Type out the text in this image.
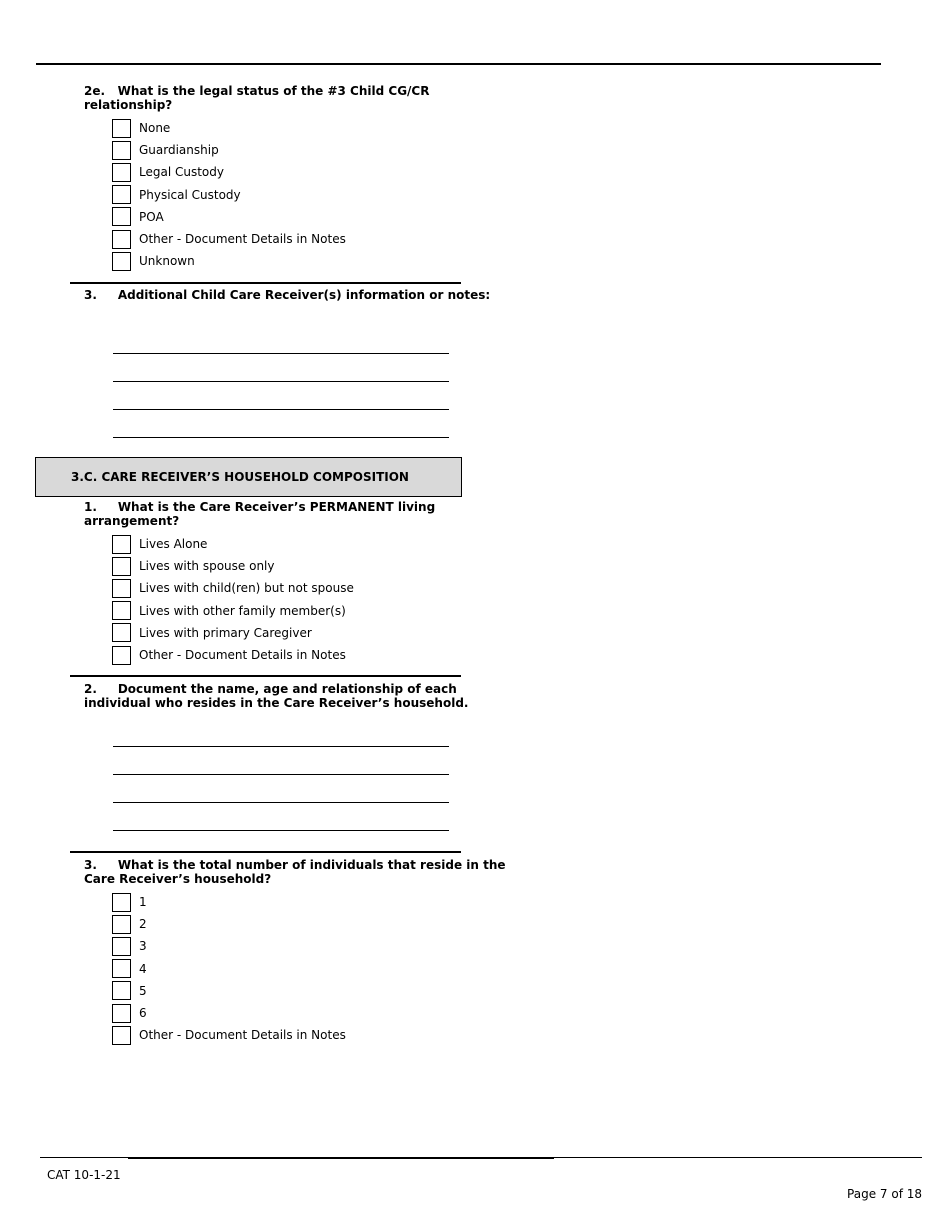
2e. What is the legal status of the #3 Child CG/CR
relationship?
None
Guardianship
Legal Custody
Physical Custody
POA
Other - Document Details in Notes
Unknown
3. Additional Child Care Receiver(s) information or notes:
3.C. CARE RECEIVER’S HOUSEHOLD COMPOSITION
1. What is the Care Receiver’s PERMANENT living
arrangement?
Lives Alone
Lives with spouse only
Lives with child(ren) but not spouse
Lives with other family member(s)
Lives with primary Caregiver
Other - Document Details in Notes
2. Document the name, age and relationship of each
individual who resides in the Care Receiver’s household.
3. What is the total number of individuals that reside in the
Care Receiver’s household?
1
2
3
4
5
6
Other - Document Details in Notes
CAT 10-1-21
Page 7 of 18
